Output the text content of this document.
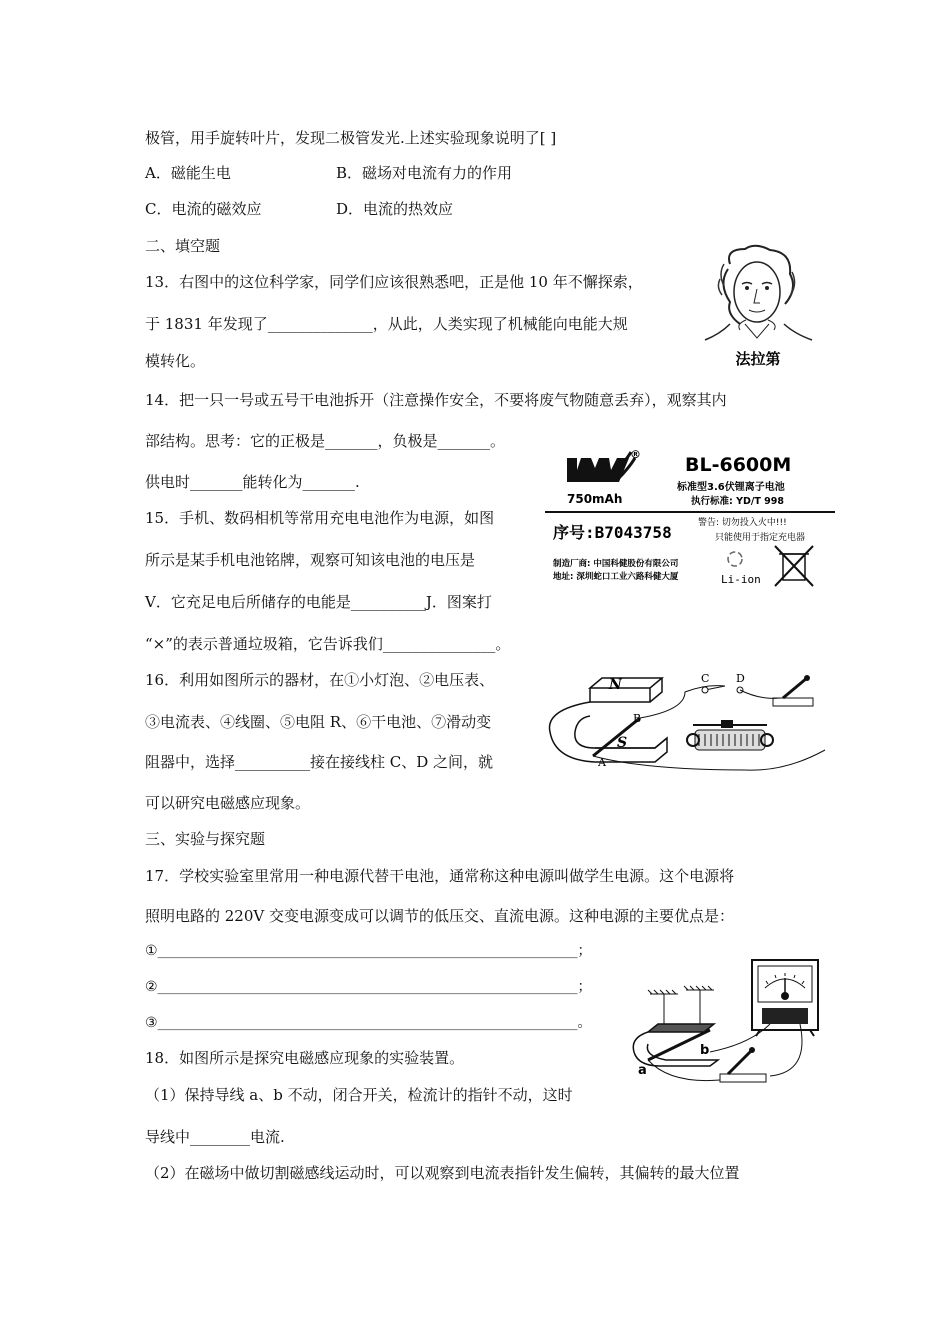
极管，用手旋转叶片，发现二极管发光.上述实验现象说明了[ ]
A．磁能生电	B．磁场对电流有力的作用
C．电流的磁效应	D．电流的热效应
二、填空题
13．右图中的这位科学家，同学们应该很熟悉吧，正是他 10 年不懈探索，
于 1831 年发现了______________，从此，人类实现了机械能向电能大规
模转化。
14．把一只一号或五号干电池拆开（注意操作安全，不要将废气物随意丢弃），观察其内
部结构。思考：它的正极是_______，负极是_______。
供电时_______能转化为_______.
15．手机、数码相机等常用充电电池作为电源，如图
所示是某手机电池铭牌，观察可知该电池的电压是
V．它充足电后所储存的电能是__________J．图案打
“×”的表示普通垃圾箱，它告诉我们_______________。
16．利用如图所示的器材，在①小灯泡、②电压表、
③电流表、④线圈、⑤电阻 R、⑥干电池、⑦滑动变
阻器中，选择__________接在接线柱 C、D 之间，就
可以研究电磁感应现象。
三、实验与探究题
17．学校实验室里常用一种电源代替干电池，通常称这种电源叫做学生电源。这个电源将
照明电路的 220V 交变电源变成可以调节的低压交、直流电源。这种电源的主要优点是：
①____________________________________________________________；
②____________________________________________________________；
③____________________________________________________________。
18．如图所示是探究电磁感应现象的实验装置。
（1）保持导线 a、b 不动，闭合开关，检流计的指针不动，这时
导线中________电流.
（2）在磁场中做切割磁感线运动时，可以观察到电流表指针发生偏转，其偏转的最大位置
法拉第
®
750mAh
BL-6600M
标准型3.6伏锂离子电池
执行标准: YD/T 998
序号:B7043758	警告: 切勿投入火中!!!
只能使用于指定充电器
制造厂商: 中国科健股份有限公司
地址: 深圳蛇口工业六路科健大厦	Li-ion
N
S
B
A
C D
b
a
